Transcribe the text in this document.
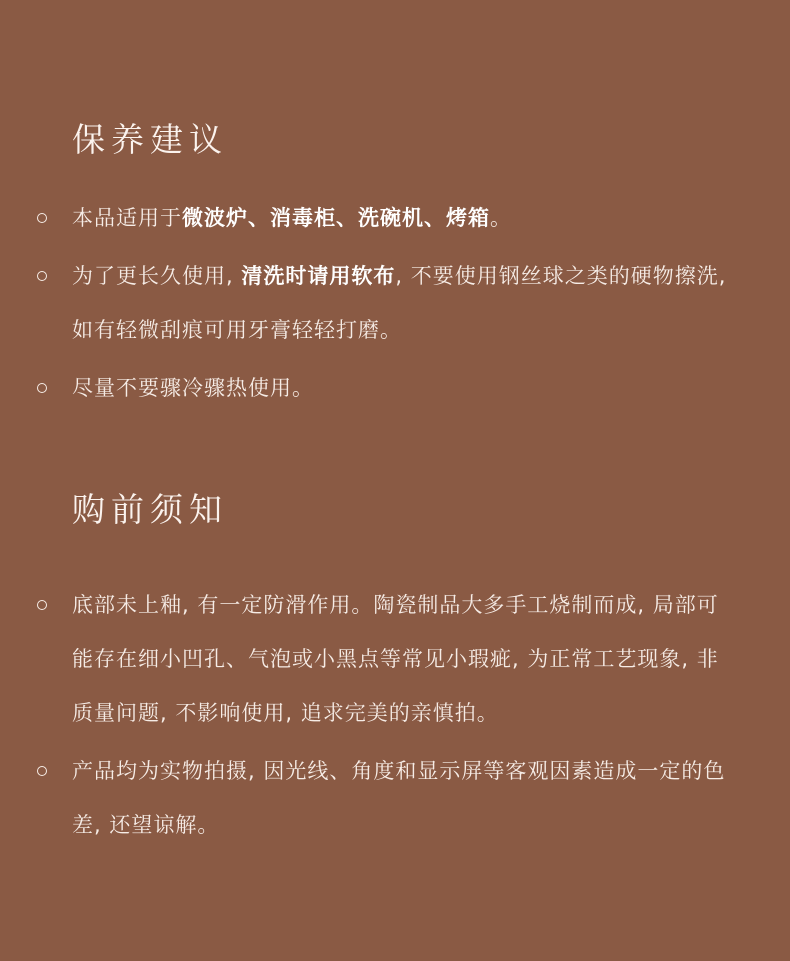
保养建议
本品适用于微波炉、消毒柜、洗碗机、烤箱。
为了更长久使用, 清洗时请用软布, 不要使用钢丝球之类的硬物擦洗, 如有轻微刮痕可用牙膏轻轻打磨。
尽量不要骤冷骤热使用。
购前须知
底部未上釉, 有一定防滑作用。陶瓷制品大多手工烧制而成, 局部可能存在细小凹孔、气泡或小黑点等常见小瑕疵, 为正常工艺现象, 非质量问题, 不影响使用, 追求完美的亲慎拍。
产品均为实物拍摄, 因光线、角度和显示屏等客观因素造成一定的色差, 还望谅解。
